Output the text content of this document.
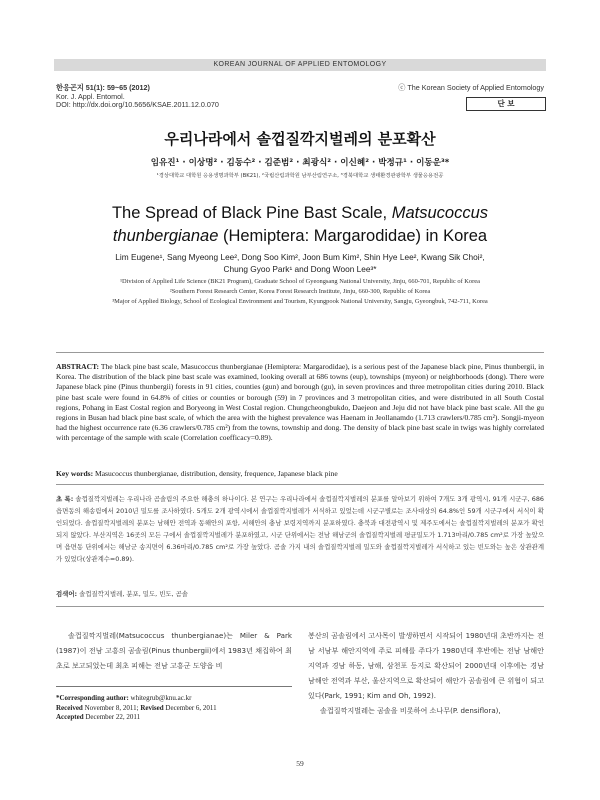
KOREAN JOURNAL OF APPLIED ENTOMOLOGY
한응곤지 51(1): 59~65 (2012)
Kor. J. Appl. Entomol.
DOI: http://dx.doi.org/10.5656/KSAE.2011.12.0.070
ⓒ The Korean Society of Applied Entomology
단 보
우리나라에서 솔껍질깍지벌레의 분포확산
임유진¹ · 이상명² · 김동수² · 김준범² · 최광식² · 이신혜² · 박정규¹ · 이동운³*
¹경상대학교 대학원 응용생명과학부 (BK21), ²국립산림과학원 남부산림연구소, ³경북대학교 생태환경관광학부 생물응용전공
The Spread of Black Pine Bast Scale, Matsucoccus
thunbergianae (Hemiptera: Margarodidae) in Korea
Lim Eugene¹, Sang Myeong Lee², Dong Soo Kim², Joon Bum Kim², Shin Hye Lee², Kwang Sik Choi²,
Chung Gyoo Park¹ and Dong Woon Lee³*
¹Division of Applied Life Science (BK21 Program), Graduate School of Gyeongsang National University, Jinju, 660-701, Republic of Korea
²Southern Forest Research Center, Korea Forest Research Institute, Jinju, 660-300, Republic of Korea
³Major of Applied Biology, School of Ecological Environment and Tourism, Kyungpook National University, Sangju, Gyeongbuk, 742-711, Korea
ABSTRACT: The black pine bast scale, Masucoccus thunbergianae (Hemiptera: Margarodidae), is a serious pest of the Japanese black pine, Pinus thunbergii, in Korea. The distribution of the black pine bast scale was examined, looking overall at 686 towns (eup), townships (myeon) or neighborhoods (dong). There were Japanese black pine (Pinus thunbergii) forests in 91 cities, counties (gun) and borough (gu), in seven provinces and three metropolitan cities during 2010. Black pine bast scale were found in 64.8% of cities or counties or borough (59) in 7 provinces and 3 metropolitan cities, and were distributed in all South Costal regions, Pohang in East Costal region and Boryeong in West Costal region. Chungcheongbukdo, Daejeon and Jeju did not have black pine bast scale. All the gu regions in Busan had black pine bast scale, of which the area with the highest prevalence was Haenam in Jeollanamdo (1.713 crawlers/0.785 cm²). Songji-myeon had the highest occurrence rate (6.36 crawlers/0.785 cm²) from the towns, township and dong. The density of black pine bast scale in twigs was highly correlated with percentage of the sample with scale (Correlation coefficacy=0.89).
Key words: Masucoccus thunbergianae, distribution, density, frequence, Japanese black pine
초 록: 솔껍질깍지벌레는 우리나라 곰솔림의 주요한 해충의 하나이다. 본 연구는 우리나라에서 솔껍질깍지벌레의 분포를 알아보기 위하여 7개도 3개 광역시, 91개 시군구, 686 읍면동의 해송림에서 2010년 밀도를 조사하였다. 5개도 2개 광역시에서 솔껍질깍지벌레가 서식하고 있었는데 시군구별로는 조사대상의 64.8%인 59개 시군구에서 서식이 확인되었다. 솔껍질깍지벌레의 분포는 남해안 전역과 동해안의 포항, 서해안의 충남 보령지역까지 분포하였다. 충북과 대전광역시 및 제주도에서는 솔껍질깍지벌레의 분포가 확인되지 않았다. 부산지역은 16곳의 모든 구에서 솔껍질깍지벌레가 분포하였고, 시군 단위에서는 전남 해남군의 솔껍질깍지벌레 평균밀도가 1.713마리/0.785 cm²로 가장 높았으며 읍면동 단위에서는 해남군 송지면이 6.36마리/0.785 cm²로 가장 높았다. 곰솔 가지 내의 솔껍질깍지벌레 밀도와 솔껍질깍지벌레가 서식하고 있는 빈도와는 높은 상관관계가 있었다(상관계수=0.89).
검색어: 솔껍질깍지벌레, 분포, 밀도, 빈도, 곰솔
솔껍질깍지벌레(Matsucoccus thunbergianae)는 Miler & Park (1987)이 전남 고흥의 곰솔림(Pinus thunbergii)에서 1983년 채집하여 최초로 보고되었는데 최초 피해는 전남 고흥군 도양읍 비
*Corresponding author: whitegrub@knu.ac.kr
Received November 8, 2011; Revised December 6, 2011
Accepted December 22, 2011
봉산의 곰솔림에서 고사목이 발생하면서 시작되어 1980년대 초반까지는 전남 서남부 해안지역에 주로 피해를 주다가 1980년대 후반에는 전남 남해안 지역과 경남 하동, 남해, 삼천포 등지로 확산되어 2000년대 이후에는 경남 남해안 전역과 부산, 울산지역으로 확산되어 해안가 곰솔림에 큰 위협이 되고 있다(Park, 1991; Kim and Oh, 1992).
솔껍질깍지벌레는 곰솔을 비롯하여 소나무(P. densiflora),
59
